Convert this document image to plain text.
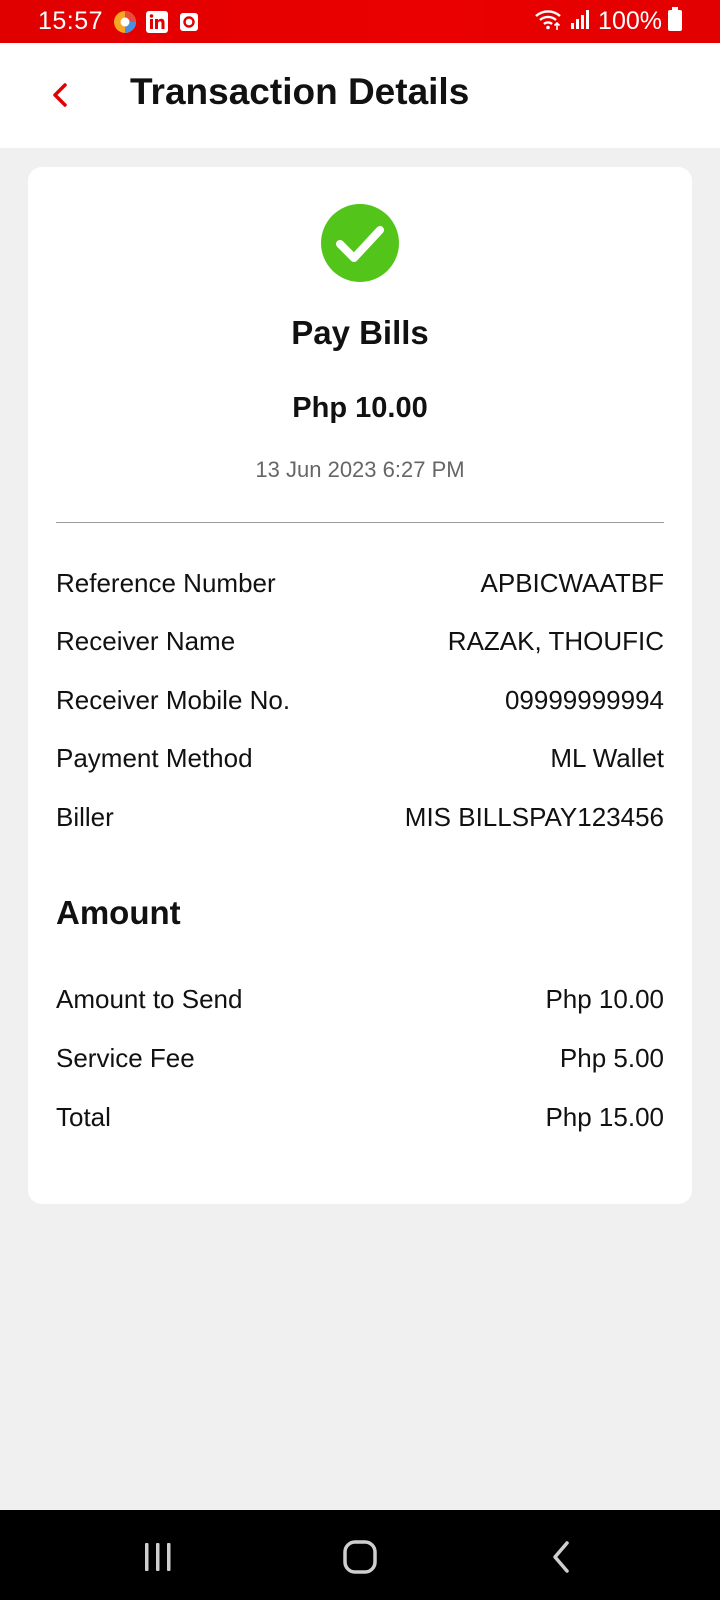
15:57	100%
Transaction Details
Pay Bills
Php 10.00
13 Jun 2023 6:27 PM
Reference Number	APBICWAATBF
Receiver Name	RAZAK, THOUFIC
Receiver Mobile No.	09999999994
Payment Method	ML Wallet
Biller	MIS BILLSPAY123456
Amount
Amount to Send	Php 10.00
Service Fee	Php 5.00
Total	Php 15.00
